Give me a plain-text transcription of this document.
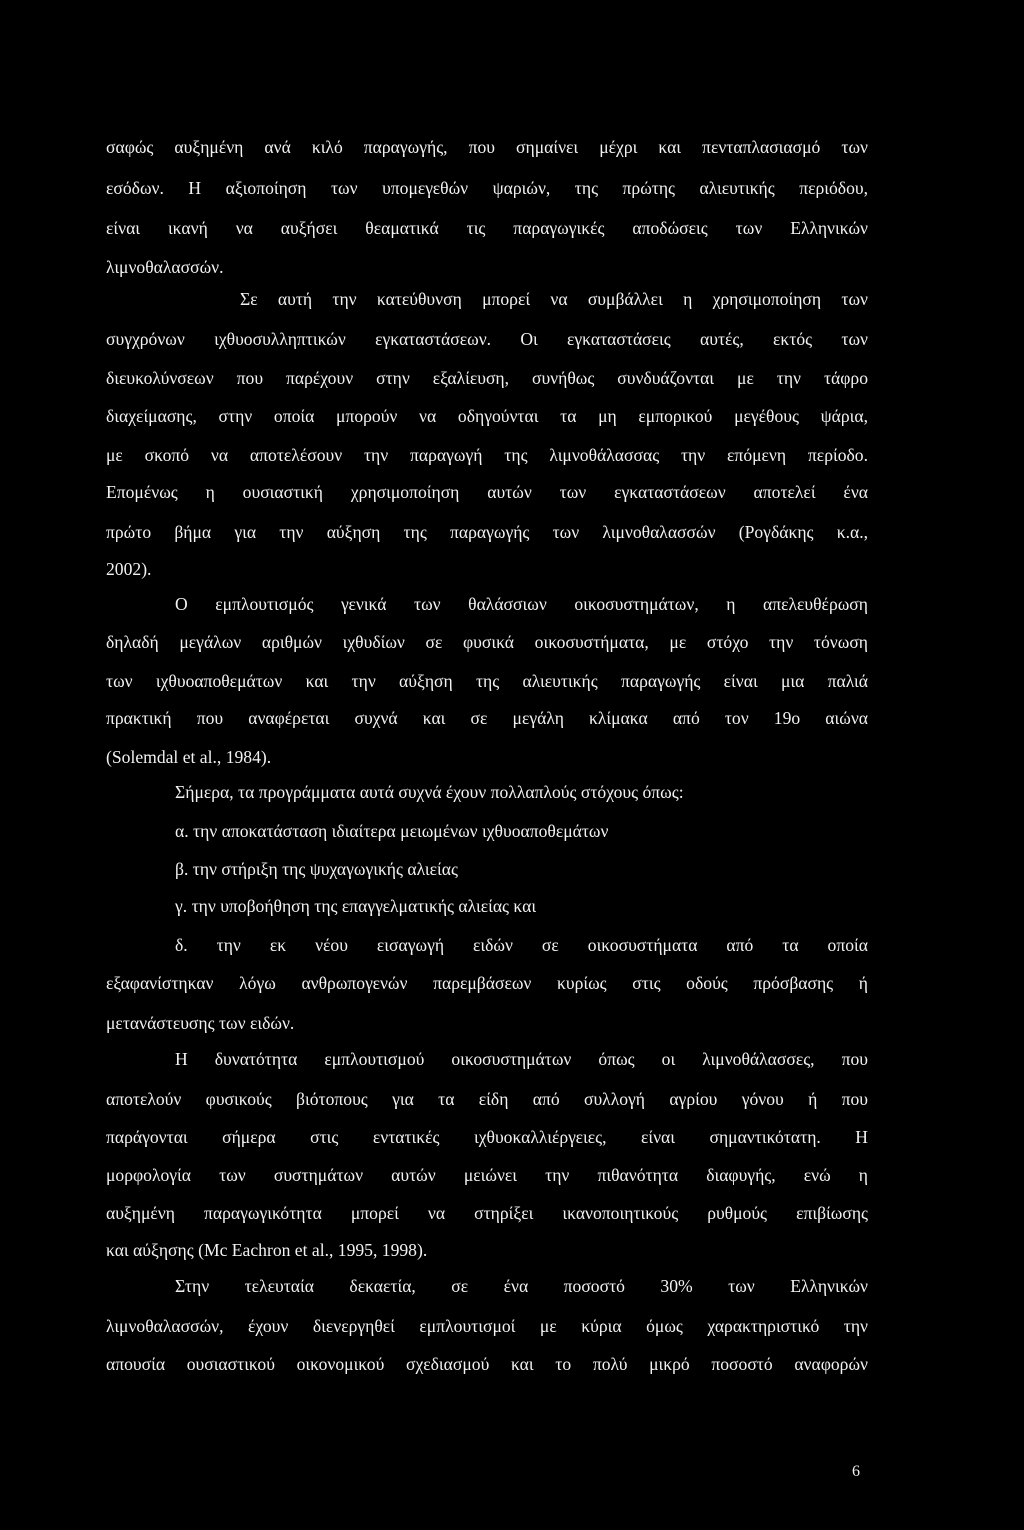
σαφώς αυξημένη ανά κιλό παραγωγής, που σημαίνει μέχρι και πενταπλασιασμό των

εσόδων. Η αξιοποίηση των υπομεγεθών ψαριών, της πρώτης αλιευτικής περιόδου,

είναι ικανή να αυξήσει θεαματικά τις παραγωγικές αποδώσεις των Ελληνικών

λιμνοθαλασσών.

Σε αυτή την κατεύθυνση μπορεί να συμβάλλει η χρησιμοποίηση των

συγχρόνων ιχθυοσυλληπτικών εγκαταστάσεων. Οι εγκαταστάσεις αυτές, εκτός των

διευκολύνσεων που παρέχουν στην εξαλίευση, συνήθως συνδυάζονται με την τάφρο

διαχείμασης, στην οποία μπορούν να οδηγούνται τα μη εμπορικού μεγέθους ψάρια,

με σκοπό να αποτελέσουν την παραγωγή της λιμνοθάλασσας την επόμενη περίοδο.

Επομένως η ουσιαστική χρησιμοποίηση αυτών των εγκαταστάσεων αποτελεί ένα

πρώτο βήμα για την αύξηση της παραγωγής των λιμνοθαλασσών (Ρογδάκης κ.α.,

2002).

Ο εμπλουτισμός γενικά των θαλάσσιων οικοσυστημάτων, η απελευθέρωση

δηλαδή μεγάλων αριθμών ιχθυδίων σε φυσικά οικοσυστήματα, με στόχο την τόνωση

των ιχθυοαποθεμάτων και την αύξηση της αλιευτικής παραγωγής είναι μια παλιά

πρακτική που αναφέρεται συχνά και σε μεγάλη κλίμακα από τον 19ο αιώνα

(Solemdal et al., 1984).

Σήμερα, τα προγράμματα αυτά συχνά έχουν πολλαπλούς στόχους όπως:

α. την αποκατάσταση ιδιαίτερα μειωμένων ιχθυοαποθεμάτων

β. την στήριξη της ψυχαγωγικής αλιείας

γ. την υποβοήθηση της επαγγελματικής αλιείας και

δ. την εκ νέου εισαγωγή ειδών σε οικοσυστήματα από τα οποία

εξαφανίστηκαν λόγω ανθρωπογενών παρεμβάσεων κυρίως στις οδούς πρόσβασης ή

μετανάστευσης των ειδών.

Η δυνατότητα εμπλουτισμού οικοσυστημάτων όπως οι λιμνοθάλασσες, που

αποτελούν φυσικούς βιότοπους για τα είδη από συλλογή αγρίου γόνου ή που

παράγονται σήμερα στις εντατικές ιχθυοκαλλιέργειες, είναι σημαντικότατη. Η

μορφολογία των συστημάτων αυτών μειώνει την πιθανότητα διαφυγής, ενώ η

αυξημένη παραγωγικότητα μπορεί να στηρίξει ικανοποιητικούς ρυθμούς επιβίωσης

και αύξησης (Mc Eachron et al., 1995, 1998).

Στην τελευταία δεκαετία, σε ένα ποσοστό 30% των Ελληνικών

λιμνοθαλασσών, έχουν διενεργηθεί εμπλουτισμοί με κύρια όμως χαρακτηριστικό την

απουσία ουσιαστικού οικονομικού σχεδιασμού και το πολύ μικρό ποσοστό αναφορών

6
